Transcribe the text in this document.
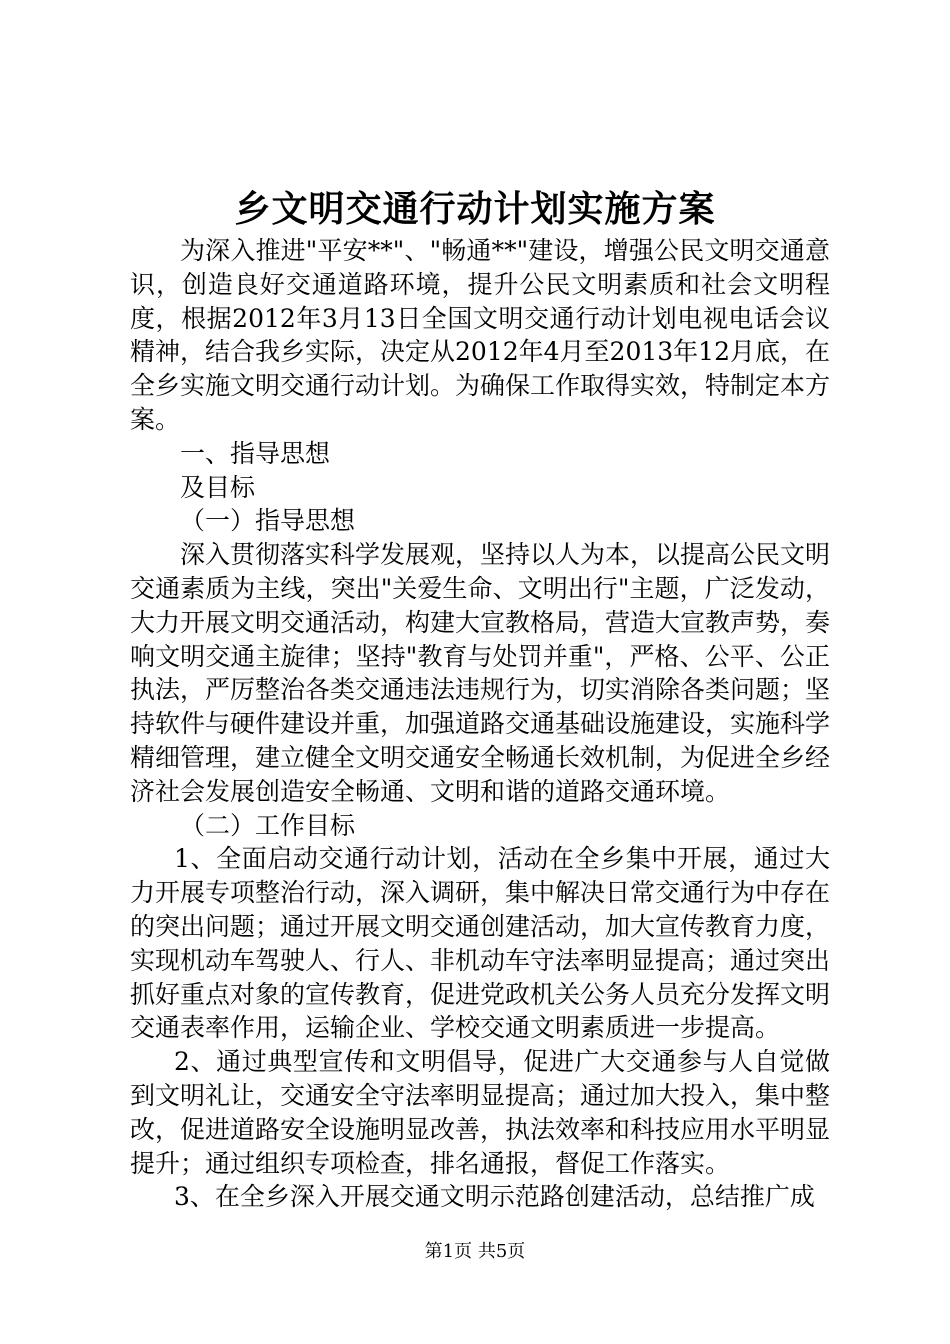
乡文明交通行动计划实施方案

为深入推进"平安**"、"畅通**"建设，增强公民文明交通意识，创造良好交通道路环境，提升公民文明素质和社会文明程度，根据2012年3月13日全国文明交通行动计划电视电话会议精神，结合我乡实际，决定从2012年4月至2013年12月底，在全乡实施文明交通行动计划。为确保工作取得实效，特制定本方案。

一、指导思想

及目标

（一）指导思想

深入贯彻落实科学发展观，坚持以人为本，以提高公民文明交通素质为主线，突出"关爱生命、文明出行"主题，广泛发动，大力开展文明交通活动，构建大宣教格局，营造大宣教声势，奏响文明交通主旋律；坚持"教育与处罚并重"，严格、公平、公正执法，严厉整治各类交通违法违规行为，切实消除各类问题；坚持软件与硬件建设并重，加强道路交通基础设施建设，实施科学精细管理，建立健全文明交通安全畅通长效机制，为促进全乡经济社会发展创造安全畅通、文明和谐的道路交通环境。

（二）工作目标

1、全面启动交通行动计划，活动在全乡集中开展，通过大力开展专项整治行动，深入调研，集中解决日常交通行为中存在的突出问题；通过开展文明交通创建活动，加大宣传教育力度，实现机动车驾驶人、行人、非机动车守法率明显提高；通过突出抓好重点对象的宣传教育，促进党政机关公务人员充分发挥文明交通表率作用，运输企业、学校交通文明素质进一步提高。

2、通过典型宣传和文明倡导，促进广大交通参与人自觉做到文明礼让，交通安全守法率明显提高；通过加大投入，集中整改，促进道路安全设施明显改善，执法效率和科技应用水平明显提升；通过组织专项检查，排名通报，督促工作落实。

3、在全乡深入开展交通文明示范路创建活动，总结推广成

第1页 共5页
